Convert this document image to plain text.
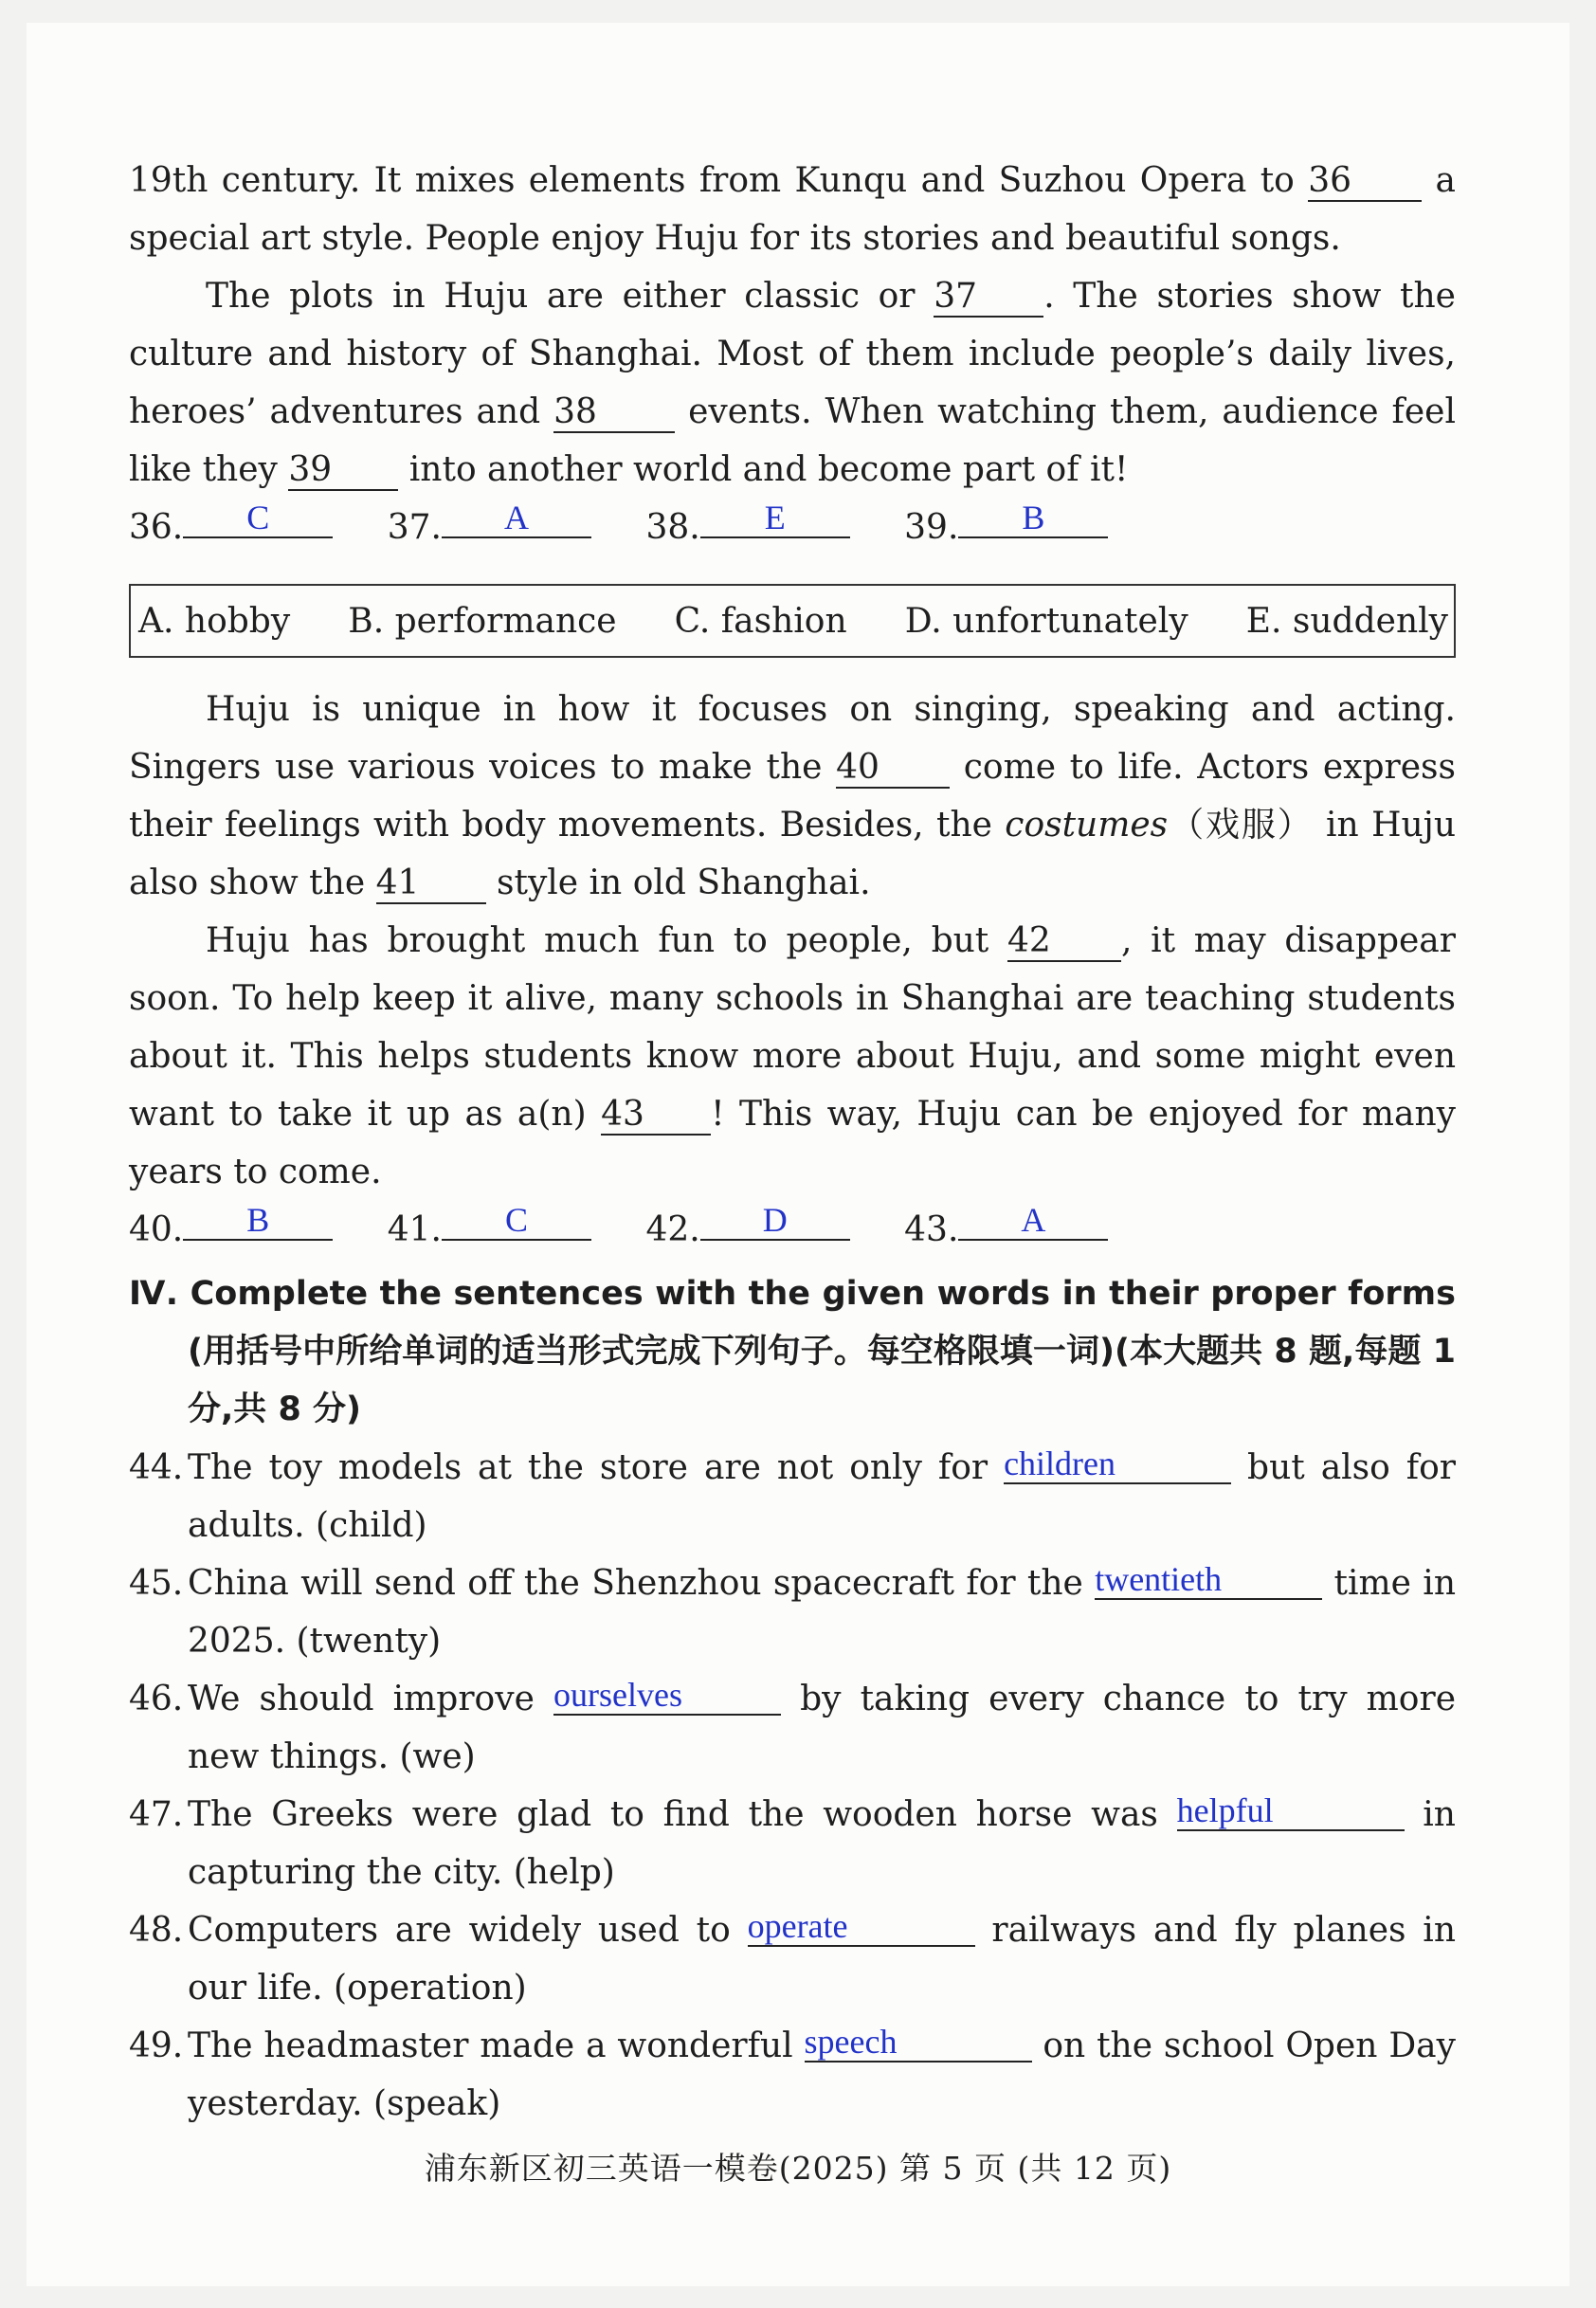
19th century. It mixes elements from Kunqu and Suzhou Opera to 36 a special art style. People enjoy Huju for its stories and beautiful songs.

The plots in Huju are either classic or 37 . The stories show the culture and history of Shanghai. Most of them include people’s daily lives, heroes’ adventures and 38 events. When watching them, audience feel like they 39 into another world and become part of it!

36. C	37. A	38. E	39. B
A. hobby B. performance C. fashion D. unfortunately E. suddenly

Huju is unique in how it focuses on singing, speaking and acting. Singers use various voices to make the 40 come to life. Actors express their feelings with body movements. Besides, the costumes（戏服） in Huju also show the 41 style in old Shanghai.

Huju has brought much fun to people, but 42 , it may disappear soon. To help keep it alive, many schools in Shanghai are teaching students about it. This helps students know more about Huju, and some might even want to take it up as a(n) 43 ! This way, Huju can be enjoyed for many years to come.

40. B	41. C	42. D	43. A

Ⅳ. Complete the sentences with the given words in their proper forms (用括号中所给单词的适当形式完成下列句子。每空格限填一词)(本大题共 8 题,每题 1 分,共 8 分)

44. The toy models at the store are not only for children	but also for adults. (child)

45. China will send off the Shenzhou spacecraft for the twentieth	time in 2025. (twenty)

46. We should improve ourselves	by taking every chance to try more new things. (we)

47. The Greeks were glad to find the wooden horse was helpful	in capturing the city. (help)

48. Computers are widely used to operate	railways and fly planes in our life. (operation)

49. The headmaster made a wonderful speech	on the school Open Day yesterday. (speak)

浦东新区初三英语一模卷(2025) 第 5 页 (共 12 页)
